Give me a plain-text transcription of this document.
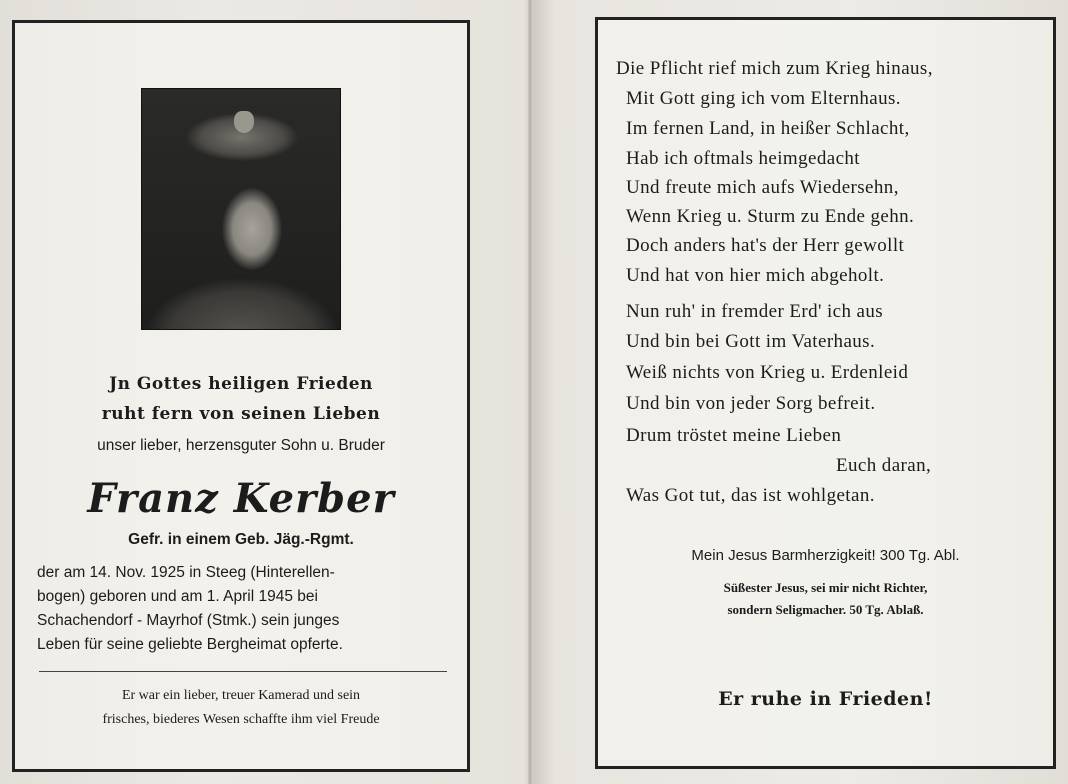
Jn Gottes heiligen Frieden
ruht fern von seinen Lieben
unser lieber, herzensguter Sohn u. Bruder
Franz Kerber
Gefr. in einem Geb. Jäg.-Rgmt.
der am 14. Nov. 1925 in Steeg (Hinterellen-
bogen) geboren und am 1. April 1945 bei
Schachendorf - Mayrhof (Stmk.) sein junges
Leben für seine geliebte Bergheimat opferte.
Er war ein lieber, treuer Kamerad und sein
frisches, biederes Wesen schaffte ihm viel Freude
Die Pflicht rief mich zum Krieg hinaus,
Mit Gott ging ich vom Elternhaus.
Im fernen Land, in heißer Schlacht,
Hab ich oftmals heimgedacht
Und freute mich aufs Wiedersehn,
Wenn Krieg u. Sturm zu Ende gehn.
Doch anders hat's der Herr gewollt
Und hat von hier mich abgeholt.
Nun ruh' in fremder Erd' ich aus
Und bin bei Gott im Vaterhaus.
Weiß nichts von Krieg u. Erdenleid
Und bin von jeder Sorg befreit.
Drum tröstet meine Lieben
Euch daran,
Was Got tut, das ist wohlgetan.
Mein Jesus Barmherzigkeit! 300 Tg. Abl.
Süßester Jesus, sei mir nicht Richter,
sondern Seligmacher. 50 Tg. Ablaß.
Er ruhe in Frieden!
